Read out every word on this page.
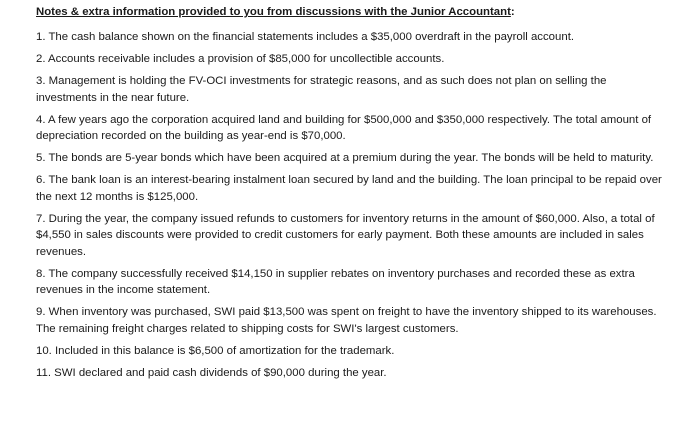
Notes & extra information provided to you from discussions with the Junior Accountant:
1. The cash balance shown on the financial statements includes a $35,000 overdraft in the payroll account.
2. Accounts receivable includes a provision of $85,000 for uncollectible accounts.
3. Management is holding the FV-OCI investments for strategic reasons, and as such does not plan on selling the investments in the near future.
4. A few years ago the corporation acquired land and building for $500,000 and $350,000 respectively. The total amount of depreciation recorded on the building as year-end is $70,000.
5. The bonds are 5-year bonds which have been acquired at a premium during the year. The bonds will be held to maturity.
6. The bank loan is an interest-bearing instalment loan secured by land and the building. The loan principal to be repaid over the next 12 months is $125,000.
7. During the year, the company issued refunds to customers for inventory returns in the amount of $60,000. Also, a total of $4,550 in sales discounts were provided to credit customers for early payment. Both these amounts are included in sales revenues.
8. The company successfully received $14,150 in supplier rebates on inventory purchases and recorded these as extra revenues in the income statement.
9. When inventory was purchased, SWI paid $13,500 was spent on freight to have the inventory shipped to its warehouses. The remaining freight charges related to shipping costs for SWI's largest customers.
10. Included in this balance is $6,500 of amortization for the trademark.
11. SWI declared and paid cash dividends of $90,000 during the year.
